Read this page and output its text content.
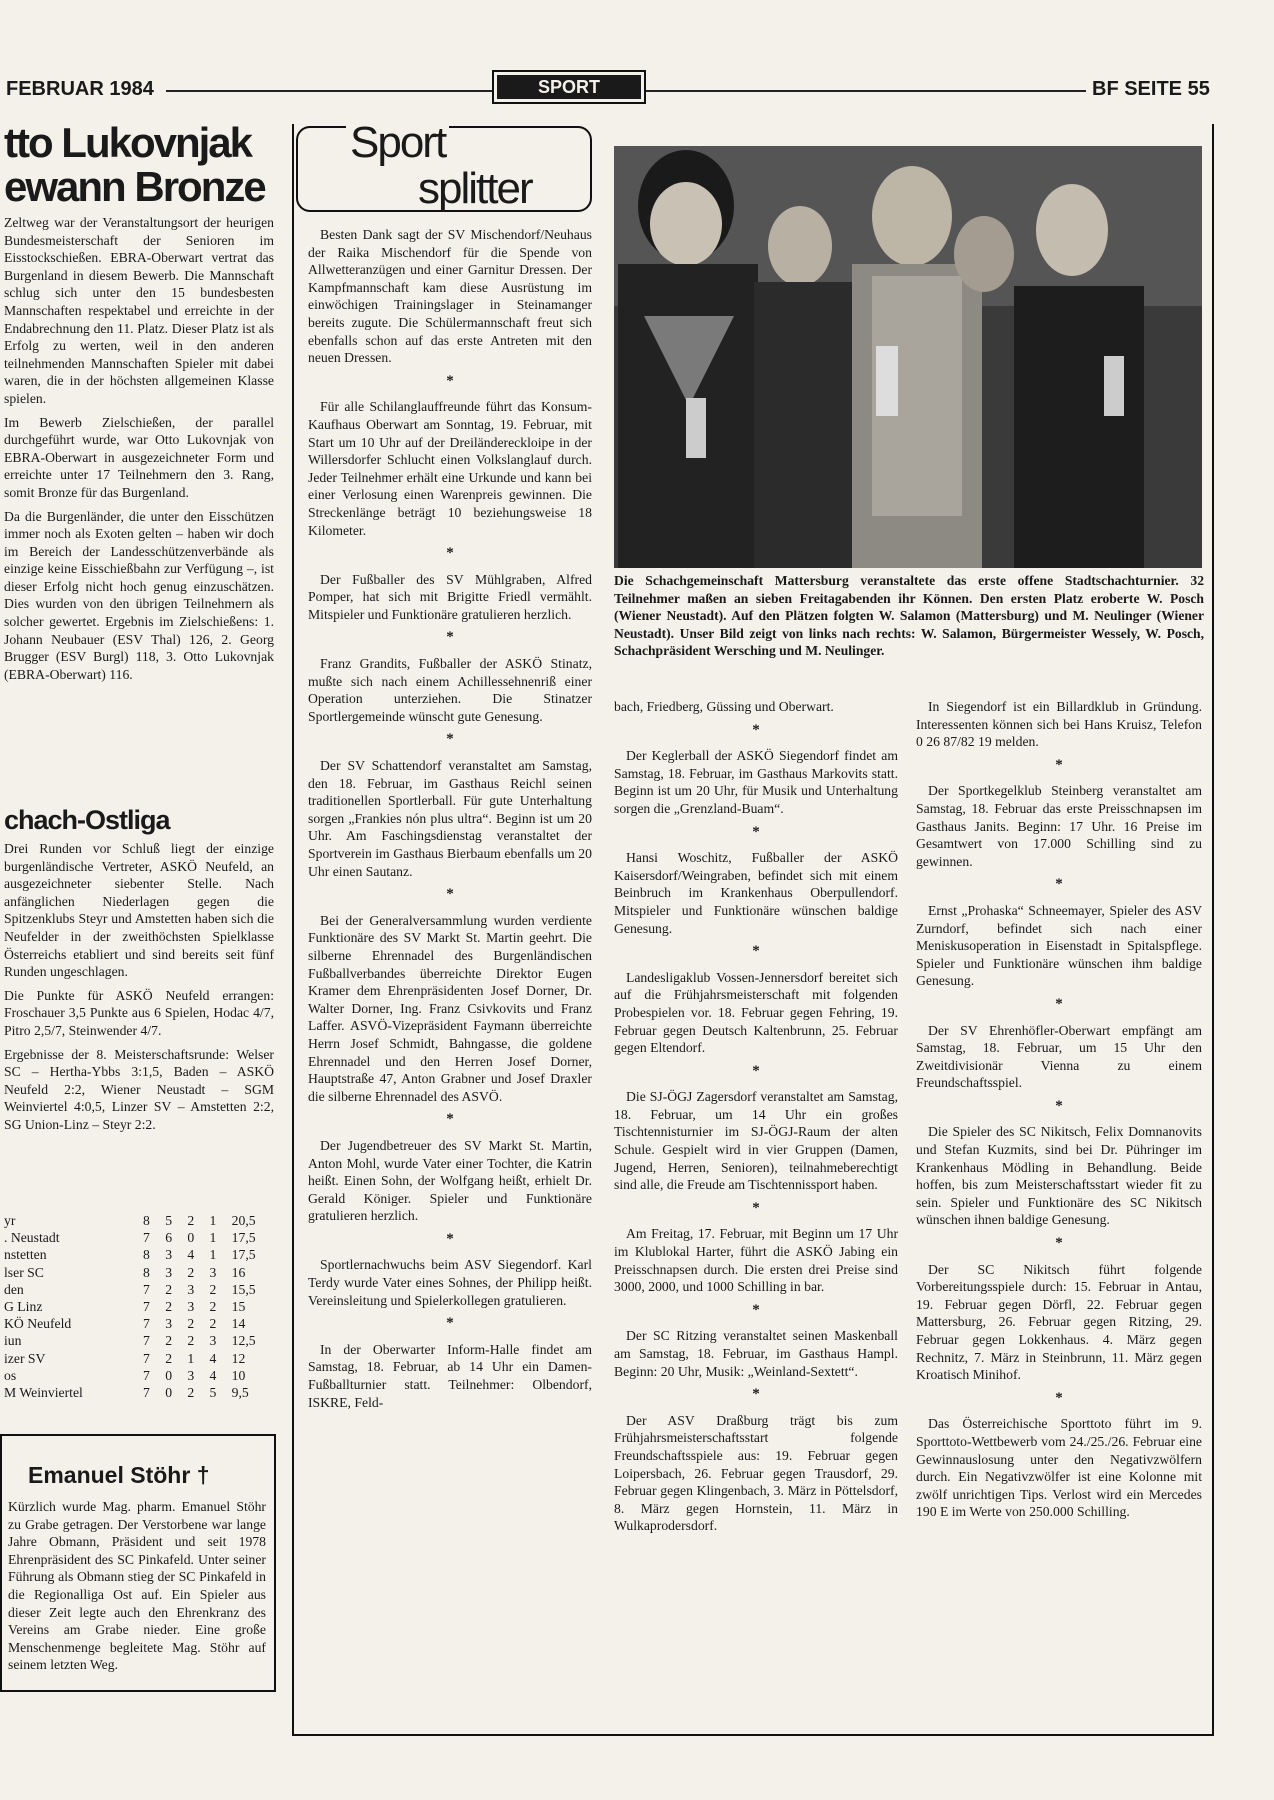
FEBRUAR 1984	SPORT	BF SEITE 55
tto Lukovnjak
ewann Bronze

Zeltweg war der Veranstaltungsort der heurigen Bundesmeisterschaft der Senioren im Eisstockschießen. EBRA-Oberwart vertrat das Burgenland in diesem Bewerb. Die Mannschaft schlug sich unter den 15 bundesbesten Mannschaften respektabel und erreichte in der Endabrechnung den 11. Platz. Dieser Platz ist als Erfolg zu werten, weil in den anderen teilnehmenden Mannschaften Spieler mit dabei waren, die in der höchsten allgemeinen Klasse spielen.

Im Bewerb Zielschießen, der parallel durchgeführt wurde, war Otto Lukovnjak von EBRA-Oberwart in ausgezeichneter Form und erreichte unter 17 Teilnehmern den 3. Rang, somit Bronze für das Burgenland.

Da die Burgenländer, die unter den Eisschützen immer noch als Exoten gelten – haben wir doch im Bereich der Landesschützenverbände als einzige keine Eisschießbahn zur Verfügung –, ist dieser Erfolg nicht hoch genug einzuschätzen. Dies wurden von den übrigen Teilnehmern als solcher gewertet. Ergebnis im Zielschießens: 1. Johann Neubauer (ESV Thal) 126, 2. Georg Brugger (ESV Burgl) 118, 3. Otto Lukovnjak (EBRA-Oberwart) 116.

chach-Ostliga

Drei Runden vor Schluß liegt der einzige burgenländische Vertreter, ASKÖ Neufeld, an ausgezeichneter siebenter Stelle. Nach anfänglichen Niederlagen gegen die Spitzenklubs Steyr und Amstetten haben sich die Neufelder in der zweithöchsten Spielklasse Österreichs etabliert und sind bereits seit fünf Runden ungeschlagen.

Die Punkte für ASKÖ Neufeld errangen: Froschauer 3,5 Punkte aus 6 Spielen, Hodac 4/7, Pitro 2,5/7, Steinwender 4/7.

Ergebnisse der 8. Meisterschaftsrunde: Welser SC – Hertha-Ybbs 3:1,5, Baden – ASKÖ Neufeld 2:2, Wiener Neustadt – SGM Weinviertel 4:0,5, Linzer SV – Amstetten 2:2, SG Union-Linz – Steyr 2:2.

yr	8	5	2	1	20,5
. Neustadt	7	6	0	1	17,5
nstetten	8	3	4	1	17,5
lser SC	8	3	2	3	16
den	7	2	3	2	15,5
G Linz	7	2	3	2	15
KÖ Neufeld	7	3	2	2	14
iun	7	2	2	3	12,5
izer SV	7	2	1	4	12
os	7	0	3	4	10
M Weinviertel	7	0	2	5	9,5
Emanuel Stöhr †
Kürzlich wurde Mag. pharm. Emanuel Stöhr zu Grabe getragen. Der Verstorbene war lange Jahre Obmann, Präsident und seit 1978 Ehrenpräsident des SC Pinkafeld. Unter seiner Führung als Obmann stieg der SC Pinkafeld in die Regionalliga Ost auf. Ein Spieler aus dieser Zeit legte auch den Ehrenkranz des Vereins am Grabe nieder. Eine große Menschenmenge begleitete Mag. Stöhr auf seinem letzten Weg.
Sport
splitter

Besten Dank sagt der SV Mischendorf/Neuhaus der Raika Mischendorf für die Spende von Allwetteranzügen und einer Garnitur Dressen. Der Kampfmannschaft kam diese Ausrüstung im einwöchigen Trainingslager in Steinamanger bereits zugute. Die Schülermannschaft freut sich ebenfalls schon auf das erste Antreten mit den neuen Dressen.

*

Für alle Schilanglauffreunde führt das Konsum-Kaufhaus Oberwart am Sonntag, 19. Februar, mit Start um 10 Uhr auf der Dreiländereckloipe in der Willersdorfer Schlucht einen Volkslanglauf durch. Jeder Teilnehmer erhält eine Urkunde und kann bei einer Verlosung einen Warenpreis gewinnen. Die Streckenlänge beträgt 10 beziehungsweise 18 Kilometer.

*

Der Fußballer des SV Mühlgraben, Alfred Pomper, hat sich mit Brigitte Friedl vermählt. Mitspieler und Funktionäre gratulieren herzlich.

*

Franz Grandits, Fußballer der ASKÖ Stinatz, mußte sich nach einem Achillessehnenriß einer Operation unterziehen. Die Stinatzer Sportlergemeinde wünscht gute Genesung.

*

Der SV Schattendorf veranstaltet am Samstag, den 18. Februar, im Gasthaus Reichl seinen traditionellen Sportlerball. Für gute Unterhaltung sorgen „Frankies nón plus ultra“. Beginn ist um 20 Uhr. Am Faschingsdienstag veranstaltet der Sportverein im Gasthaus Bierbaum ebenfalls um 20 Uhr einen Sautanz.

*

Bei der Generalversammlung wurden verdiente Funktionäre des SV Markt St. Martin geehrt. Die silberne Ehrennadel des Burgenländischen Fußballverbandes überreichte Direktor Eugen Kramer dem Ehrenpräsidenten Josef Dorner, Dr. Walter Dorner, Ing. Franz Csivkovits und Franz Laffer. ASVÖ-Vizepräsident Faymann überreichte Herrn Josef Schmidt, Bahngasse, die goldene Ehrennadel und den Herren Josef Dorner, Hauptstraße 47, Anton Grabner und Josef Draxler die silberne Ehrennadel des ASVÖ.

*

Der Jugendbetreuer des SV Markt St. Martin, Anton Mohl, wurde Vater einer Tochter, die Katrin heißt. Einen Sohn, der Wolfgang heißt, erhielt Dr. Gerald Königer. Spieler und Funktionäre gratulieren herzlich.

*

Sportlernachwuchs beim ASV Siegendorf. Karl Terdy wurde Vater eines Sohnes, der Philipp heißt. Vereinsleitung und Spielerkollegen gratulieren.

*

In der Oberwarter Inform-Halle findet am Samstag, 18. Februar, ab 14 Uhr ein Damen-Fußballturnier statt. Teilnehmer: Olbendorf, ISKRE, Feld-

Die Schachgemeinschaft Mattersburg veranstaltete das erste offene Stadtschachturnier. 32 Teilnehmer maßen an sieben Freitagabenden ihr Können. Den ersten Platz eroberte W. Posch (Wiener Neustadt). Auf den Plätzen folgten W. Salamon (Mattersburg) und M. Neulinger (Wiener Neustadt). Unser Bild zeigt von links nach rechts: W. Salamon, Bürgermeister Wessely, W. Posch, Schachpräsident Wersching und M. Neulinger.

bach, Friedberg, Güssing und Oberwart.

*

Der Keglerball der ASKÖ Siegendorf findet am Samstag, 18. Februar, im Gasthaus Markovits statt. Beginn ist um 20 Uhr, für Musik und Unterhaltung sorgen die „Grenzland-Buam“.

*

Hansi Woschitz, Fußballer der ASKÖ Kaisersdorf/Weingraben, befindet sich mit einem Beinbruch im Krankenhaus Oberpullendorf. Mitspieler und Funktionäre wünschen baldige Genesung.

*

Landesligaklub Vossen-Jennersdorf bereitet sich auf die Frühjahrsmeisterschaft mit folgenden Probespielen vor. 18. Februar gegen Fehring, 19. Februar gegen Deutsch Kaltenbrunn, 25. Februar gegen Eltendorf.

*

Die SJ-ÖGJ Zagersdorf veranstaltet am Samstag, 18. Februar, um 14 Uhr ein großes Tischtennisturnier im SJ-ÖGJ-Raum der alten Schule. Gespielt wird in vier Gruppen (Damen, Jugend, Herren, Senioren), teilnahmeberechtigt sind alle, die Freude am Tischtennissport haben.

*

Am Freitag, 17. Februar, mit Beginn um 17 Uhr im Klublokal Harter, führt die ASKÖ Jabing ein Preisschnapsen durch. Die ersten drei Preise sind 3000, 2000, und 1000 Schilling in bar.

*

Der SC Ritzing veranstaltet seinen Maskenball am Samstag, 18. Februar, im Gasthaus Hampl. Beginn: 20 Uhr, Musik: „Weinland-Sextett“.

*

Der ASV Draßburg trägt bis zum Frühjahrsmeisterschaftsstart folgende Freundschaftsspiele aus: 19. Februar gegen Loipersbach, 26. Februar gegen Trausdorf, 29. Februar gegen Klingenbach, 3. März in Pöttelsdorf, 8. März gegen Hornstein, 11. März in Wulkaprodersdorf.

In Siegendorf ist ein Billardklub in Gründung. Interessenten können sich bei Hans Kruisz, Telefon 0 26 87/82 19 melden.

*

Der Sportkegelklub Steinberg veranstaltet am Samstag, 18. Februar das erste Preisschnapsen im Gasthaus Janits. Beginn: 17 Uhr. 16 Preise im Gesamtwert von 17.000 Schilling sind zu gewinnen.

*

Ernst „Prohaska“ Schneemayer, Spieler des ASV Zurndorf, befindet sich nach einer Meniskusoperation in Eisenstadt in Spitalspflege. Spieler und Funktionäre wünschen ihm baldige Genesung.

*

Der SV Ehrenhöfler-Oberwart empfängt am Samstag, 18. Februar, um 15 Uhr den Zweitdivisionär Vienna zu einem Freundschaftsspiel.

*

Die Spieler des SC Nikitsch, Felix Domnanovits und Stefan Kuzmits, sind bei Dr. Pühringer im Krankenhaus Mödling in Behandlung. Beide hoffen, bis zum Meisterschaftsstart wieder fit zu sein. Spieler und Funktionäre des SC Nikitsch wünschen ihnen baldige Genesung.

*

Der SC Nikitsch führt folgende Vorbereitungsspiele durch: 15. Februar in Antau, 19. Februar gegen Dörfl, 22. Februar gegen Mattersburg, 26. Februar gegen Ritzing, 29. Februar gegen Lokkenhaus. 4. März gegen Rechnitz, 7. März in Steinbrunn, 11. März gegen Kroatisch Minihof.

*

Das Österreichische Sporttoto führt im 9. Sporttoto-Wettbewerb vom 24./25./26. Februar eine Gewinnauslosung unter den Negativzwölfern durch. Ein Negativzwölfer ist eine Kolonne mit zwölf unrichtigen Tips. Verlost wird ein Mercedes 190 E im Werte von 250.000 Schilling.
